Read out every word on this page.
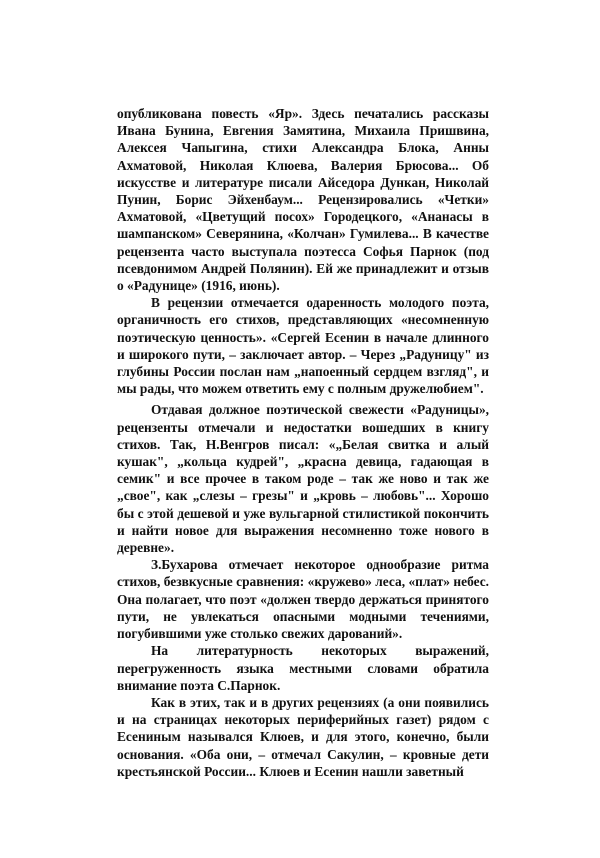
опубликована повесть «Яр». Здесь печатались рассказы Ивана Бунина, Евгения Замятина, Михаила Пришвина, Алексея Чапыгина, стихи Александра Блока, Анны Ахматовой, Николая Клюева, Валерия Брюсова... Об искусстве и литературе писали Айседора Дункан, Николай Пунин, Борис Эйхенбаум... Рецензировались «Четки» Ахматовой, «Цветущий посох» Городецкого, «Ананасы в шампанском» Северянина, «Колчан» Гумилева... В качестве рецензента часто выступала поэтесса Софья Парнок (под псевдонимом Андрей Полянин). Ей же принадлежит и отзыв о «Радунице» (1916, июнь).

В рецензии отмечается одаренность молодого поэта, органичность его стихов, представляющих «несомненную поэтическую ценность». «Сергей Есенин в начале длинного и широкого пути, – заключает автор. – Через „Радуницу" из глубины России послан нам „напоенный сердцем взгляд", и мы рады, что можем ответить ему с полным дружелюбием".

Отдавая должное поэтической свежести «Радуницы», рецензенты отмечали и недостатки вошедших в книгу стихов. Так, Н.Венгров писал: «„Белая свитка и алый кушак", „кольца кудрей", „красна девица, гадающая в семик" и все прочее в таком роде – так же ново и так же „свое", как „слезы – грезы" и „кровь – любовь"... Хорошо бы с этой дешевой и уже вульгарной стилистикой покончить и найти новое для выражения несомненно тоже нового в деревне».

З.Бухарова отмечает некоторое однообразие ритма стихов, безвкусные сравнения: «кружево» леса, «плат» небес. Она полагает, что поэт «должен твердо держаться принятого пути, не увлекаться опасными модными течениями, погубившими уже столько свежих дарований».

На литературность некоторых выражений, перегруженность языка местными словами обратила внимание поэта С.Парнок.

Как в этих, так и в других рецензиях (а они появились и на страницах некоторых периферийных газет) рядом с Есениным назывался Клюев, и для этого, конечно, были основания. «Оба они, – отмечал Сакулин, – кровные дети крестьянской России... Клюев и Есенин нашли заветный
